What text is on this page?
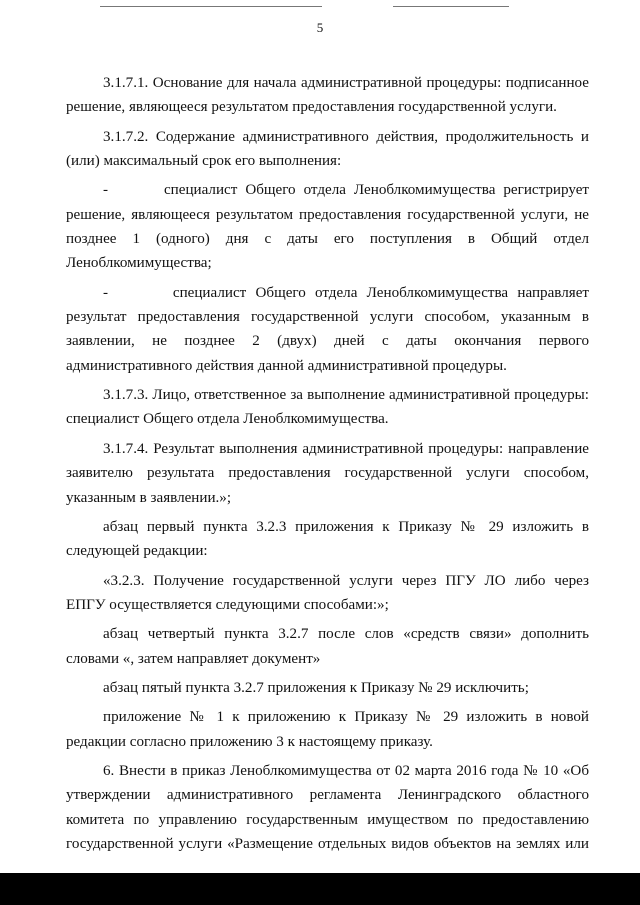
5

3.1.7.1. Основание для начала административной процедуры: подписанное решение, являющееся результатом предоставления государственной услуги.

3.1.7.2. Содержание административного действия, продолжительность и (или) максимальный срок его выполнения:

-       специалист Общего отдела Леноблкомимущества регистрирует решение, являющееся результатом предоставления государственной услуги, не позднее 1 (одного) дня с даты его поступления в Общий отдел Леноблкомимущества;

-       специалист Общего отдела Леноблкомимущества направляет результат предоставления государственной услуги способом, указанным в заявлении, не позднее 2 (двух) дней с даты окончания первого административного действия данной административной процедуры.

3.1.7.3. Лицо, ответственное за выполнение административной процедуры: специалист Общего отдела Леноблкомимущества.

3.1.7.4. Результат выполнения административной процедуры: направление заявителю результата предоставления государственной услуги способом, указанным в заявлении.»;

абзац первый пункта 3.2.3 приложения к Приказу № 29 изложить в следующей редакции:

«3.2.3. Получение государственной услуги через ПГУ ЛО либо через ЕПГУ осуществляется следующими способами:»;

абзац четвертый пункта 3.2.7 после слов «средств связи» дополнить словами «, затем направляет документ»

абзац пятый пункта 3.2.7 приложения к Приказу № 29 исключить;

приложение № 1 к приложению к Приказу № 29 изложить в новой редакции согласно приложению 3 к настоящему приказу.

6. Внести в приказ Леноблкомимущества от 02 марта 2016 года № 10 «Об утверждении административного регламента Ленинградского областного комитета по управлению государственным имуществом по предоставлению государственной услуги «Размещение отдельных видов объектов на землях или
